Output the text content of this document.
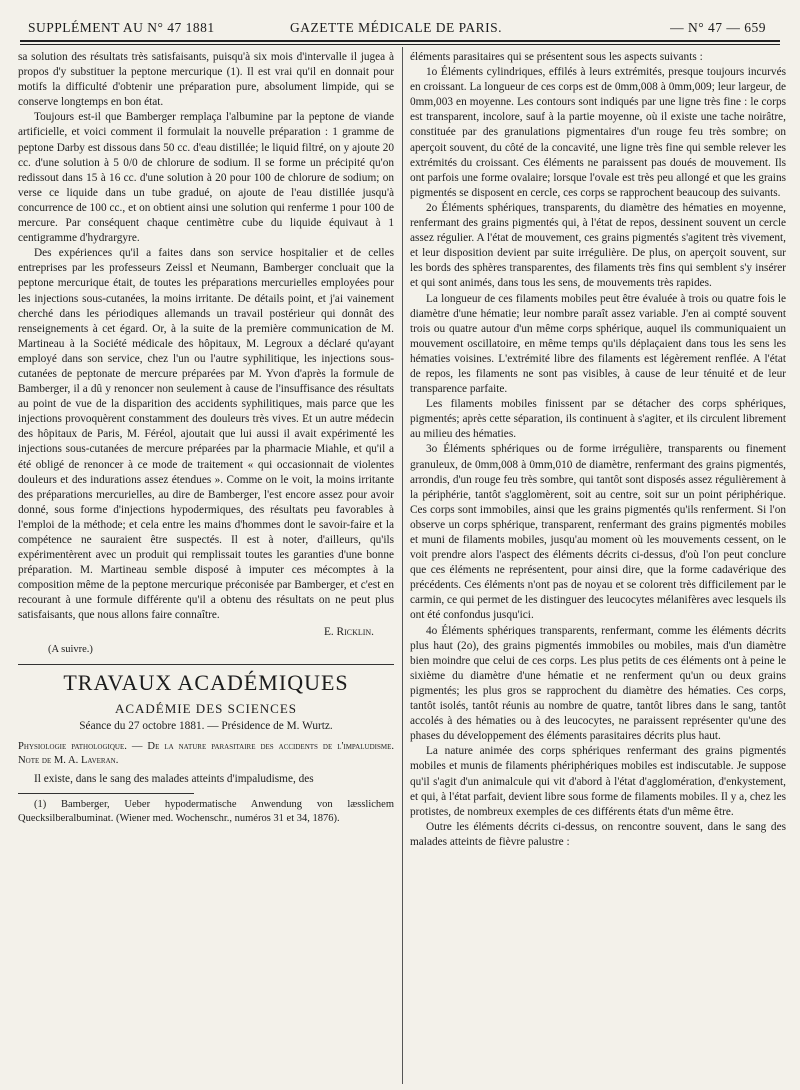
SUPPLÉMENT AU N° 47 1881	GAZETTE MÉDICALE DE PARIS.	— N° 47 — 659

sa solution des résultats très satisfaisants, puisqu'à six mois d'intervalle il jugea à propos d'y substituer la peptone mercurique (1). Il est vrai qu'il en donnait pour motifs la difficulté d'obtenir une préparation pure, absolument limpide, qui se conserve longtemps en bon état.

Toujours est-il que Bamberger remplaça l'albumine par la peptone de viande artificielle, et voici comment il formulait la nouvelle préparation : 1 gramme de peptone Darby est dissous dans 50 cc. d'eau distillée; le liquid filtré, on y ajoute 20 cc. d'une solution à 5 0/0 de chlorure de sodium. Il se forme un précipité qu'on redissout dans 15 à 16 cc. d'une solution à 20 pour 100 de chlorure de sodium; on verse ce liquide dans un tube gradué, on ajoute de l'eau distillée jusqu'à concurrence de 100 cc., et on obtient ainsi une solution qui renferme 1 pour 100 de mercure. Par conséquent chaque centimètre cube du liquide équivaut à 1 centigramme d'hydrargyre.

Des expériences qu'il a faites dans son service hospitalier et de celles entreprises par les professeurs Zeissl et Neumann, Bamberger concluait que la peptone mercurique était, de toutes les préparations mercurielles employées pour les injections sous-cutanées, la moins irritante. De détails point, et j'ai vainement cherché dans les périodiques allemands un travail postérieur qui donnât des renseignements à cet égard. Or, à la suite de la première communication de M. Martineau à la Société médicale des hôpitaux, M. Legroux a déclaré qu'ayant employé dans son service, chez l'un ou l'autre syphilitique, les injections sous-cutanées de peptonate de mercure préparées par M. Yvon d'après la formule de Bamberger, il a dû y renoncer non seulement à cause de l'insuffisance des résultats au point de vue de la disparition des accidents syphilitiques, mais parce que les injections provoquèrent constamment des douleurs très vives. Et un autre médecin des hôpitaux de Paris, M. Féréol, ajoutait que lui aussi il avait expérimenté les injections sous-cutanées de mercure préparées par la pharmacie Miahle, et qu'il a été obligé de renoncer à ce mode de traitement « qui occasionnait de violentes douleurs et des indurations assez étendues ». Comme on le voit, la moins irritante des préparations mercurielles, au dire de Bamberger, l'est encore assez pour avoir donné, sous forme d'injections hypodermiques, des résultats peu favorables à l'emploi de la méthode; et cela entre les mains d'hommes dont le savoir-faire et la compétence ne sauraient être suspectés. Il est à noter, d'ailleurs, qu'ils expérimentèrent avec un produit qui remplissait toutes les garanties d'une bonne préparation. M. Martineau semble disposé à imputer ces mécomptes à la composition même de la peptone mercurique préconisée par Bamberger, et c'est en recourant à une formule différente qu'il a obtenu des résultats on ne peut plus satisfaisants, que nous allons faire connaître.

E. Ricklin.
(A suivre.)
TRAVAUX ACADÉMIQUES
ACADÉMIE DES SCIENCES
Séance du 27 octobre 1881. — Présidence de M. Wurtz.
Physiologie pathologique. — De la nature parasitaire des accidents de l'impaludisme. Note de M. A. Laveran.

Il existe, dans le sang des malades atteints d'impaludisme, des

(1) Bamberger, Ueber hypodermatische Anwendung von læsslichem Quecksilberalbuminat. (Wiener med. Wochenschr., numéros 31 et 34, 1876).

éléments parasitaires qui se présentent sous les aspects suivants :

1o Éléments cylindriques, effilés à leurs extrémités, presque toujours incurvés en croissant. La longueur de ces corps est de 0mm,008 à 0mm,009; leur largeur, de 0mm,003 en moyenne. Les contours sont indiqués par une ligne très fine : le corps est transparent, incolore, sauf à la partie moyenne, où il existe une tache noirâtre, constituée par des granulations pigmentaires d'un rouge feu très sombre; on aperçoit souvent, du côté de la concavité, une ligne très fine qui semble relever les extrémités du croissant. Ces éléments ne paraissent pas doués de mouvement. Ils ont parfois une forme ovalaire; lorsque l'ovale est très peu allongé et que les grains pigmentés se disposent en cercle, ces corps se rapprochent beaucoup des suivants.

2o Éléments sphériques, transparents, du diamètre des hématies en moyenne, renfermant des grains pigmentés qui, à l'état de repos, dessinent souvent un cercle assez régulier. A l'état de mouvement, ces grains pigmentés s'agitent très vivement, et leur disposition devient par suite irrégulière. De plus, on aperçoit souvent, sur les bords des sphères transparentes, des filaments très fins qui semblent s'y insérer et qui sont animés, dans tous les sens, de mouvements très rapides.

La longueur de ces filaments mobiles peut être évaluée à trois ou quatre fois le diamètre d'une hématie; leur nombre paraît assez variable. J'en ai compté souvent trois ou quatre autour d'un même corps sphérique, auquel ils communiquaient un mouvement oscillatoire, en même temps qu'ils déplaçaient dans tous les sens les hématies voisines. L'extrémité libre des filaments est légèrement renflée. A l'état de repos, les filaments ne sont pas visibles, à cause de leur ténuité et de leur transparence parfaite.

Les filaments mobiles finissent par se détacher des corps sphériques, pigmentés; après cette séparation, ils continuent à s'agiter, et ils circulent librement au milieu des hématies.

3o Éléments sphériques ou de forme irrégulière, transparents ou finement granuleux, de 0mm,008 à 0mm,010 de diamètre, renfermant des grains pigmentés, arrondis, d'un rouge feu très sombre, qui tantôt sont disposés assez régulièrement à la périphérie, tantôt s'agglomèrent, soit au centre, soit sur un point périphérique. Ces corps sont immobiles, ainsi que les grains pigmentés qu'ils renferment. Si l'on observe un corps sphérique, transparent, renfermant des grains pigmentés mobiles et muni de filaments mobiles, jusqu'au moment où les mouvements cessent, on le voit prendre alors l'aspect des éléments décrits ci-dessus, d'où l'on peut conclure que ces éléments ne représentent, pour ainsi dire, que la forme cadavérique des précédents. Ces éléments n'ont pas de noyau et se colorent très difficilement par le carmin, ce qui permet de les distinguer des leucocytes mélanifères avec lesquels ils ont été confondus jusqu'ici.

4o Éléments sphériques transparents, renfermant, comme les éléments décrits plus haut (2o), des grains pigmentés immobiles ou mobiles, mais d'un diamètre bien moindre que celui de ces corps. Les plus petits de ces éléments ont à peine le sixième du diamètre d'une hématie et ne renferment qu'un ou deux grains pigmentés; les plus gros se rapprochent du diamètre des hématies. Ces corps, tantôt isolés, tantôt réunis au nombre de quatre, tantôt libres dans le sang, tantôt accolés à des hématies ou à des leucocytes, ne paraissent représenter qu'une des phases du développement des éléments parasitaires décrits plus haut.

La nature animée des corps sphériques renfermant des grains pigmentés mobiles et munis de filaments phériphériques mobiles est indiscutable. Je suppose qu'il s'agit d'un animalcule qui vit d'abord à l'état d'agglomération, d'enkystement, et qui, à l'état parfait, devient libre sous forme de filaments mobiles. Il y a, chez les protistes, de nombreux exemples de ces différents états d'un même être.

Outre les éléments décrits ci-dessus, on rencontre souvent, dans le sang des malades atteints de fièvre palustre :
